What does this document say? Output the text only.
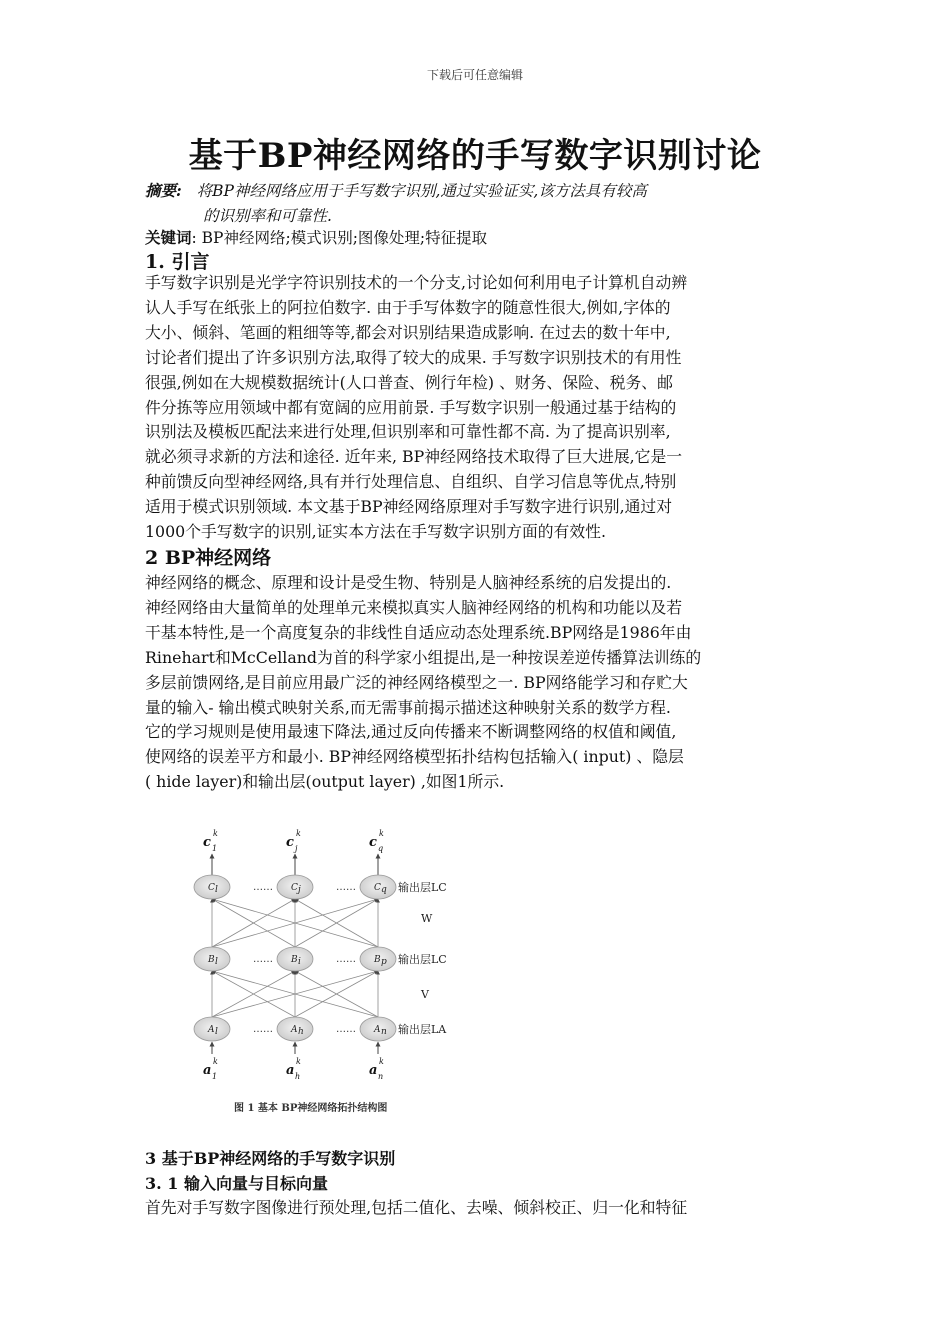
下载后可任意编辑
基于BP神经网络的手写数字识别讨论
摘要: 将BP神经网络应用于手写数字识别,通过实验证实,该方法具有较高
的识别率和可靠性.
关键词: BP神经网络;模式识别;图像处理;特征提取
1. 引言
手写数字识别是光学字符识别技术的一个分支,讨论如何利用电子计算机自动辨
认人手写在纸张上的阿拉伯数字. 由于手写体数字的随意性很大,例如,字体的
大小、倾斜、笔画的粗细等等,都会对识别结果造成影响. 在过去的数十年中,
讨论者们提出了许多识别方法,取得了较大的成果. 手写数字识别技术的有用性
很强,例如在大规模数据统计(人口普查、例行年检) 、财务、保险、税务、邮
件分拣等应用领域中都有宽阔的应用前景. 手写数字识别一般通过基于结构的
识别法及模板匹配法来进行处理,但识别率和可靠性都不高. 为了提高识别率,
就必须寻求新的方法和途径. 近年来, BP神经网络技术取得了巨大进展,它是一
种前馈反向型神经网络,具有并行处理信息、自组织、自学习信息等优点,特别
适用于模式识别领域. 本文基于BP神经网络原理对手写数字进行识别,通过对
1000个手写数字的识别,证实本方法在手写数字识别方面的有效性.
2 BP神经网络
神经网络的概念、原理和设计是受生物、特别是人脑神经系统的启发提出的.
神经网络由大量简单的处理单元来模拟真实人脑神经网络的机构和功能以及若
干基本特性,是一个高度复杂的非线性自适应动态处理系统.BP网络是1986年由
Rinehart和McCelland为首的科学家小组提出,是一种按误差逆传播算法训练的
多层前馈网络,是目前应用最广泛的神经网络模型之一. BP网络能学习和存贮大
量的输入- 输出模式映射关系,而无需事前揭示描述这种映射关系的数学方程.
它的学习规则是使用最速下降法,通过反向传播来不断调整网络的权值和阈值,
使网络的误差平方和最小. BP神经网络模型拓扑结构包括输入( input) 、隐层
( hide layer)和输出层(output layer) ,如图1所示.
C l	C j	C q
……	……
B l	B i	B p
……	……
A l	A h	A n
……	……
c
k
1	c
k
j	c
k
q
a
k
1	a
k
h	a
k
n
输出层LC
输出层LC
输出层LA
W
V
图 1 基本 BP神经网络拓扑结构图
3 基于BP神经网络的手写数字识别
3. 1 输入向量与目标向量
首先对手写数字图像进行预处理,包括二值化、去噪、倾斜校正、归一化和特征
